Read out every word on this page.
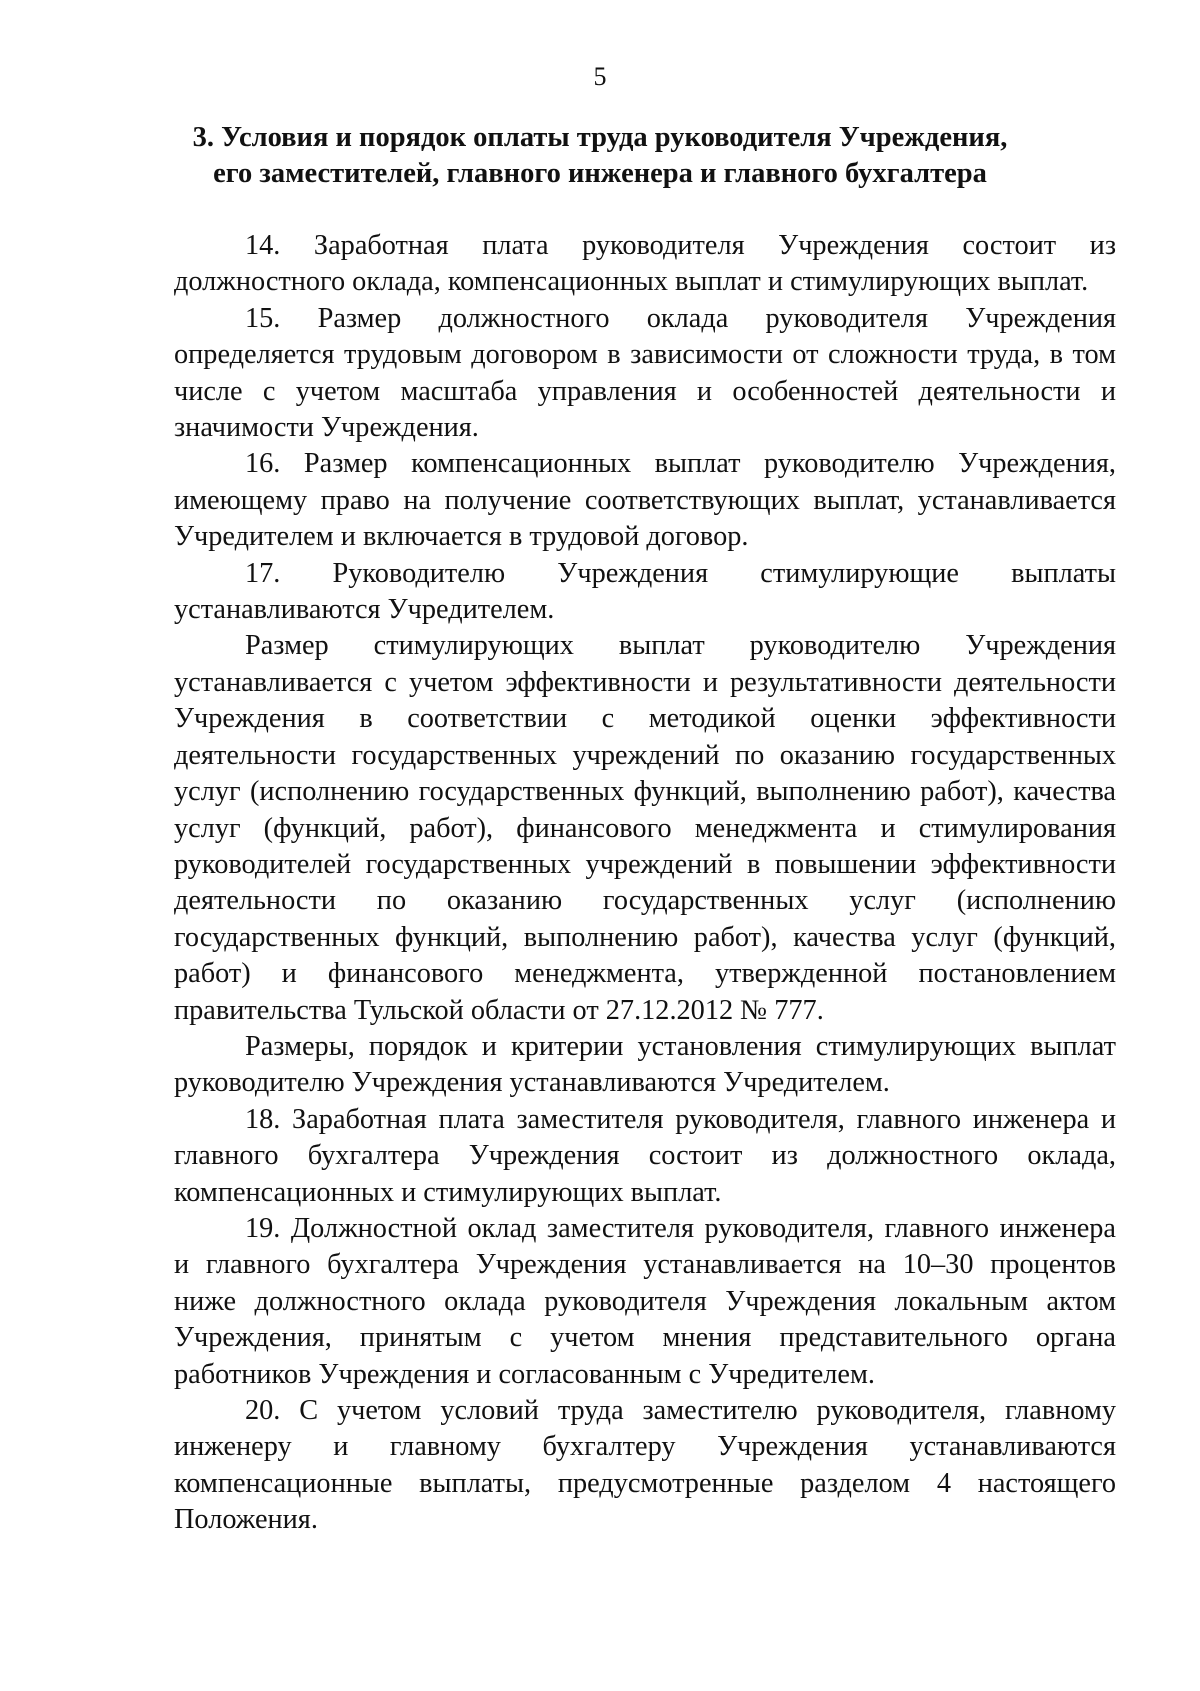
5
3. Условия и порядок оплаты труда руководителя Учреждения,
его заместителей, главного инженера и главного бухгалтера

14. Заработная плата руководителя Учреждения состоит из должностного оклада, компенсационных выплат и стимулирующих выплат.

15. Размер должностного оклада руководителя Учреждения определяется трудовым договором в зависимости от сложности труда, в том числе с учетом масштаба управления и особенностей деятельности и значимости Учреждения.

16. Размер компенсационных выплат руководителю Учреждения, имеющему право на получение соответствующих выплат, устанавливается Учредителем и включается в трудовой договор.

17. Руководителю Учреждения стимулирующие выплаты устанавливаются Учредителем.

Размер стимулирующих выплат руководителю Учреждения устанавливается с учетом эффективности и результативности деятельности Учреждения в соответствии с методикой оценки эффективности деятельности государственных учреждений по оказанию государственных услуг (исполнению государственных функций, выполнению работ), качества услуг (функций, работ), финансового менеджмента и стимулирования руководителей государственных учреждений в повышении эффективности деятельности по оказанию государственных услуг (исполнению государственных функций, выполнению работ), качества услуг (функций, работ) и финансового менеджмента, утвержденной постановлением правительства Тульской области от 27.12.2012 № 777.

Размеры, порядок и критерии установления стимулирующих выплат руководителю Учреждения устанавливаются Учредителем.

18. Заработная плата заместителя руководителя, главного инженера и главного бухгалтера Учреждения состоит из должностного оклада, компенсационных и стимулирующих выплат.

19. Должностной оклад заместителя руководителя, главного инженера и главного бухгалтера Учреждения устанавливается на 10–30 процентов ниже должностного оклада руководителя Учреждения локальным актом Учреждения, принятым с учетом мнения представительного органа работников Учреждения и согласованным с Учредителем.

20. С учетом условий труда заместителю руководителя, главному инженеру и главному бухгалтеру Учреждения устанавливаются компенсационные выплаты, предусмотренные разделом 4 настоящего Положения.
